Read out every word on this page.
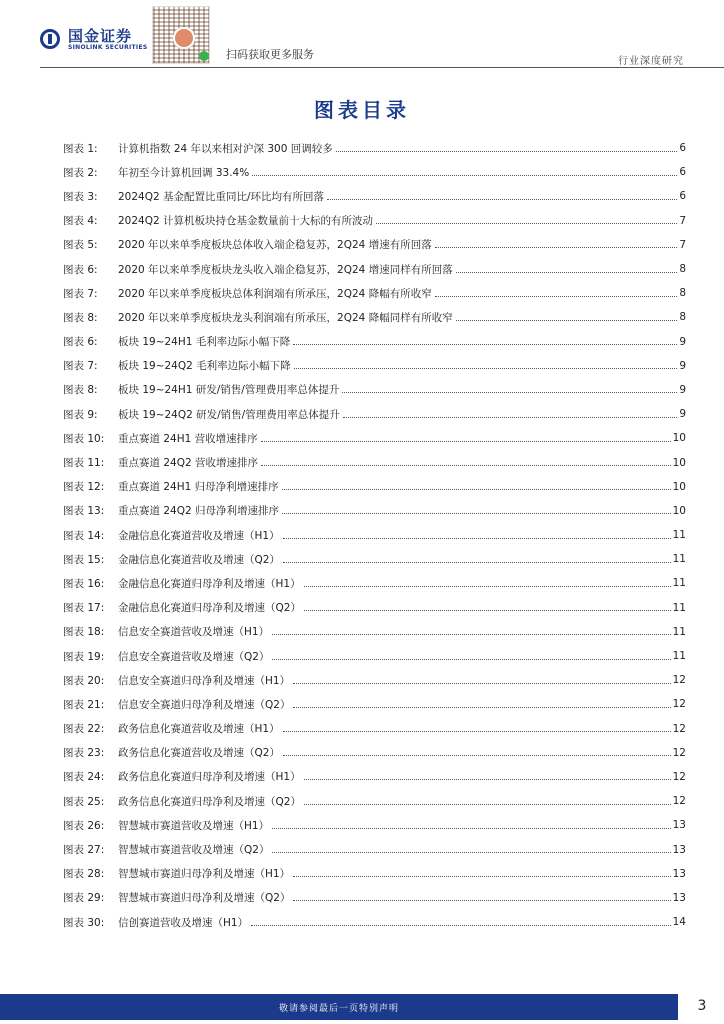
国金证券
SINOLINK SECURITIES
扫码获取更多服务
行业深度研究
图表目录
图表 1:	计算机指数 24 年以来相对沪深 300 回调较多	6
图表 2:	年初至今计算机回调 33.4%	6
图表 3:	2024Q2 基金配置比重同比/环比均有所回落	6
图表 4:	2024Q2 计算机板块持仓基金数量前十大标的有所波动	7
图表 5:	2020 年以来单季度板块总体收入端企稳复苏，2Q24 增速有所回落	7
图表 6:	2020 年以来单季度板块龙头收入端企稳复苏，2Q24 增速同样有所回落	8
图表 7:	2020 年以来单季度板块总体利润端有所承压，2Q24 降幅有所收窄	8
图表 8:	2020 年以来单季度板块龙头利润端有所承压，2Q24 降幅同样有所收窄	8
图表 6:	板块 19~24H1 毛利率边际小幅下降	9
图表 7:	板块 19~24Q2 毛利率边际小幅下降	9
图表 8:	板块 19~24H1 研发/销售/管理费用率总体提升	9
图表 9:	板块 19~24Q2 研发/销售/管理费用率总体提升	9
图表 10:	重点赛道 24H1 营收增速排序	10
图表 11:	重点赛道 24Q2 营收增速排序	10
图表 12:	重点赛道 24H1 归母净利增速排序	10
图表 13:	重点赛道 24Q2 归母净利增速排序	10
图表 14:	金融信息化赛道营收及增速（H1）	11
图表 15:	金融信息化赛道营收及增速（Q2）	11
图表 16:	金融信息化赛道归母净利及增速（H1）	11
图表 17:	金融信息化赛道归母净利及增速（Q2）	11
图表 18:	信息安全赛道营收及增速（H1）	11
图表 19:	信息安全赛道营收及增速（Q2）	11
图表 20:	信息安全赛道归母净利及增速（H1）	12
图表 21:	信息安全赛道归母净利及增速（Q2）	12
图表 22:	政务信息化赛道营收及增速（H1）	12
图表 23:	政务信息化赛道营收及增速（Q2）	12
图表 24:	政务信息化赛道归母净利及增速（H1）	12
图表 25:	政务信息化赛道归母净利及增速（Q2）	12
图表 26:	智慧城市赛道营收及增速（H1）	13
图表 27:	智慧城市赛道营收及增速（Q2）	13
图表 28:	智慧城市赛道归母净利及增速（H1）	13
图表 29:	智慧城市赛道归母净利及增速（Q2）	13
图表 30:	信创赛道营收及增速（H1）	14
敬请参阅最后一页特别声明	3
